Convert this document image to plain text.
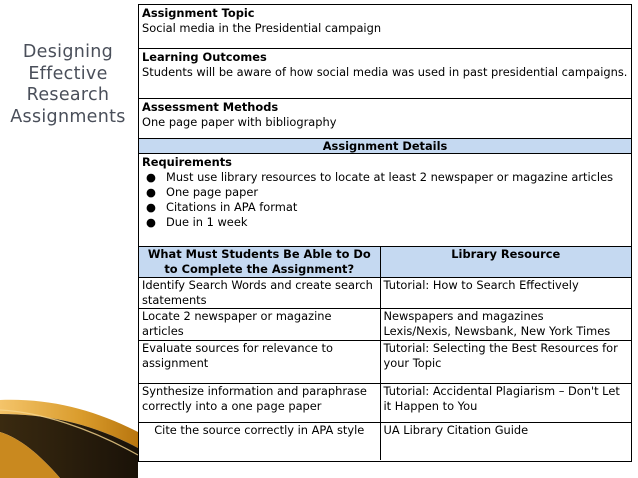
Designing
Effective
Research
Assignments
Assignment Topic
Social media in the Presidential campaign
Learning Outcomes
Students will be aware of how social media was used in past presidential campaigns.
Assessment Methods
One page paper with bibliography
Assignment Details
Requirements
● Must use library resources to locate at least 2 newspaper or magazine articles
● One page paper
● Citations in APA format
● Due in 1 week
What Must Students Be Able to Do to Complete the Assignment?	Library Resource
Identify Search Words and create search statements	Tutorial: How to Search Effectively
Locate 2 newspaper or magazine articles	Newspapers and magazines
Lexis/Nexis, Newsbank, New York Times
Evaluate sources for relevance to assignment	Tutorial: Selecting the Best Resources for your Topic
Synthesize information and paraphrase correctly into a one page paper	Tutorial: Accidental Plagiarism – Don't Let it Happen to You
Cite the source correctly in APA style	UA Library Citation Guide
